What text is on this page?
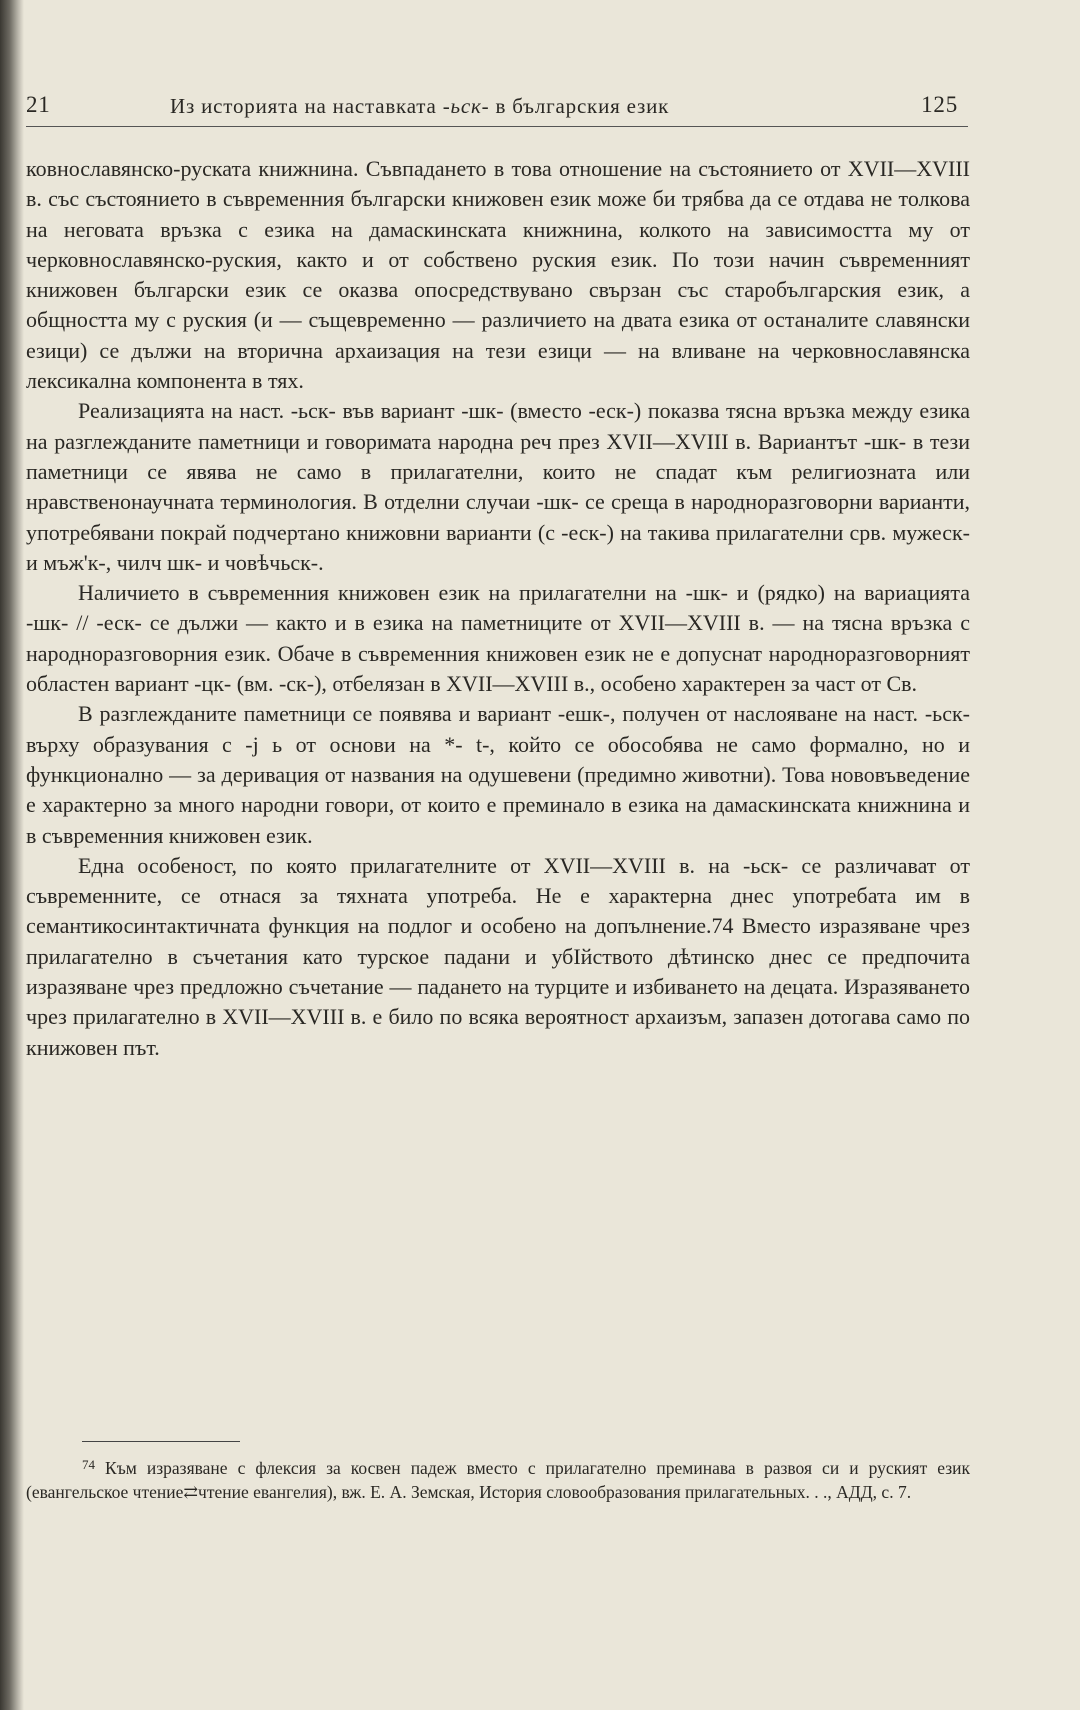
21	Из историята на наставката -ьск- в българския език	125

ковнославянско-руската книжнина. Съвпадането в това отношение на състоянието от XVII—XVIII в. със състоянието в съвременния български книжовен език може би трябва да се отдава не толкова на неговата връзка с езика на дамаскинската книжнина, колкото на зависимостта му от черковнославянско-руския, както и от собствено руския език. По този начин съвременният книжовен български език се оказва опосредствувано свързан със старобългарския език, а общността му с руския (и — същевременно — различието на двата езика от останалите славянски езици) се дължи на вторична архаизация на тези езици — на вливане на черковнославянска лексикална компонента в тях.

Реализацията на наст. -ьск- във вариант -шк- (вместо -еск-) показва тясна връзка между езика на разглежданите паметници и говоримата народна реч през XVII—XVIII в. Вариантът -шк- в тези паметници се явява не само в прилагателни, които не спадат към религиозната или нравственонаучната терминология. В отделни случаи -шк- се среща в народноразговорни варианти, употребявани покрай подчертано книжовни варианти (с -еск-) на такива прилагателни срв. мужеск- и мъж'к-, чилч шк- и човѣчьск-.

Наличието в съвременния книжовен език на прилагателни на -шк- и (рядко) на вариацията -шк- // -еск- се дължи — както и в езика на паметниците от XVII—XVIII в. — на тясна връзка с народноразговорния език. Обаче в съвременния книжовен език не е допуснат народноразговорният областен вариант -цк- (вм. -ск-), отбелязан в XVII—XVIII в., особено характерен за част от Св.

В разглежданите паметници се появява и вариант -ешк-, получен от наслояване на наст. -ьск- върху образувания с -ј ь от основи на *- t-, който се обособява не само формално, но и функционално — за деривация от названия на одушевени (предимно животни). Това нововъведение е характерно за много народни говори, от които е преминало в езика на дамаскинската книжнина и в съвременния книжовен език.

Една особеност, по която прилагателните от XVII—XVIII в. на -ьск- се различават от съвременните, се отнася за тяхната употреба. Не е характерна днес употребата им в семантикосинтактичната функция на подлог и особено на допълнение.74 Вместо изразяване чрез прилагателно в съчетания като турское падани и убІйството дѣтинско днес се предпочита изразяване чрез предложно съчетание — падането на турците и избиването на децата. Изразяването чрез прилагателно в XVII—XVIII в. е било по всяка вероятност архаизъм, запазен дотогава само по книжовен път.

$^{74}$ Към изразяване с флексия за косвен падеж вместо с прилагателно преминава в развоя си и руският език (евангельское чтение⇄чтение евангелия), вж. Е. А. Земская, История словообразования прилагательных. . ., АДД, с. 7.
